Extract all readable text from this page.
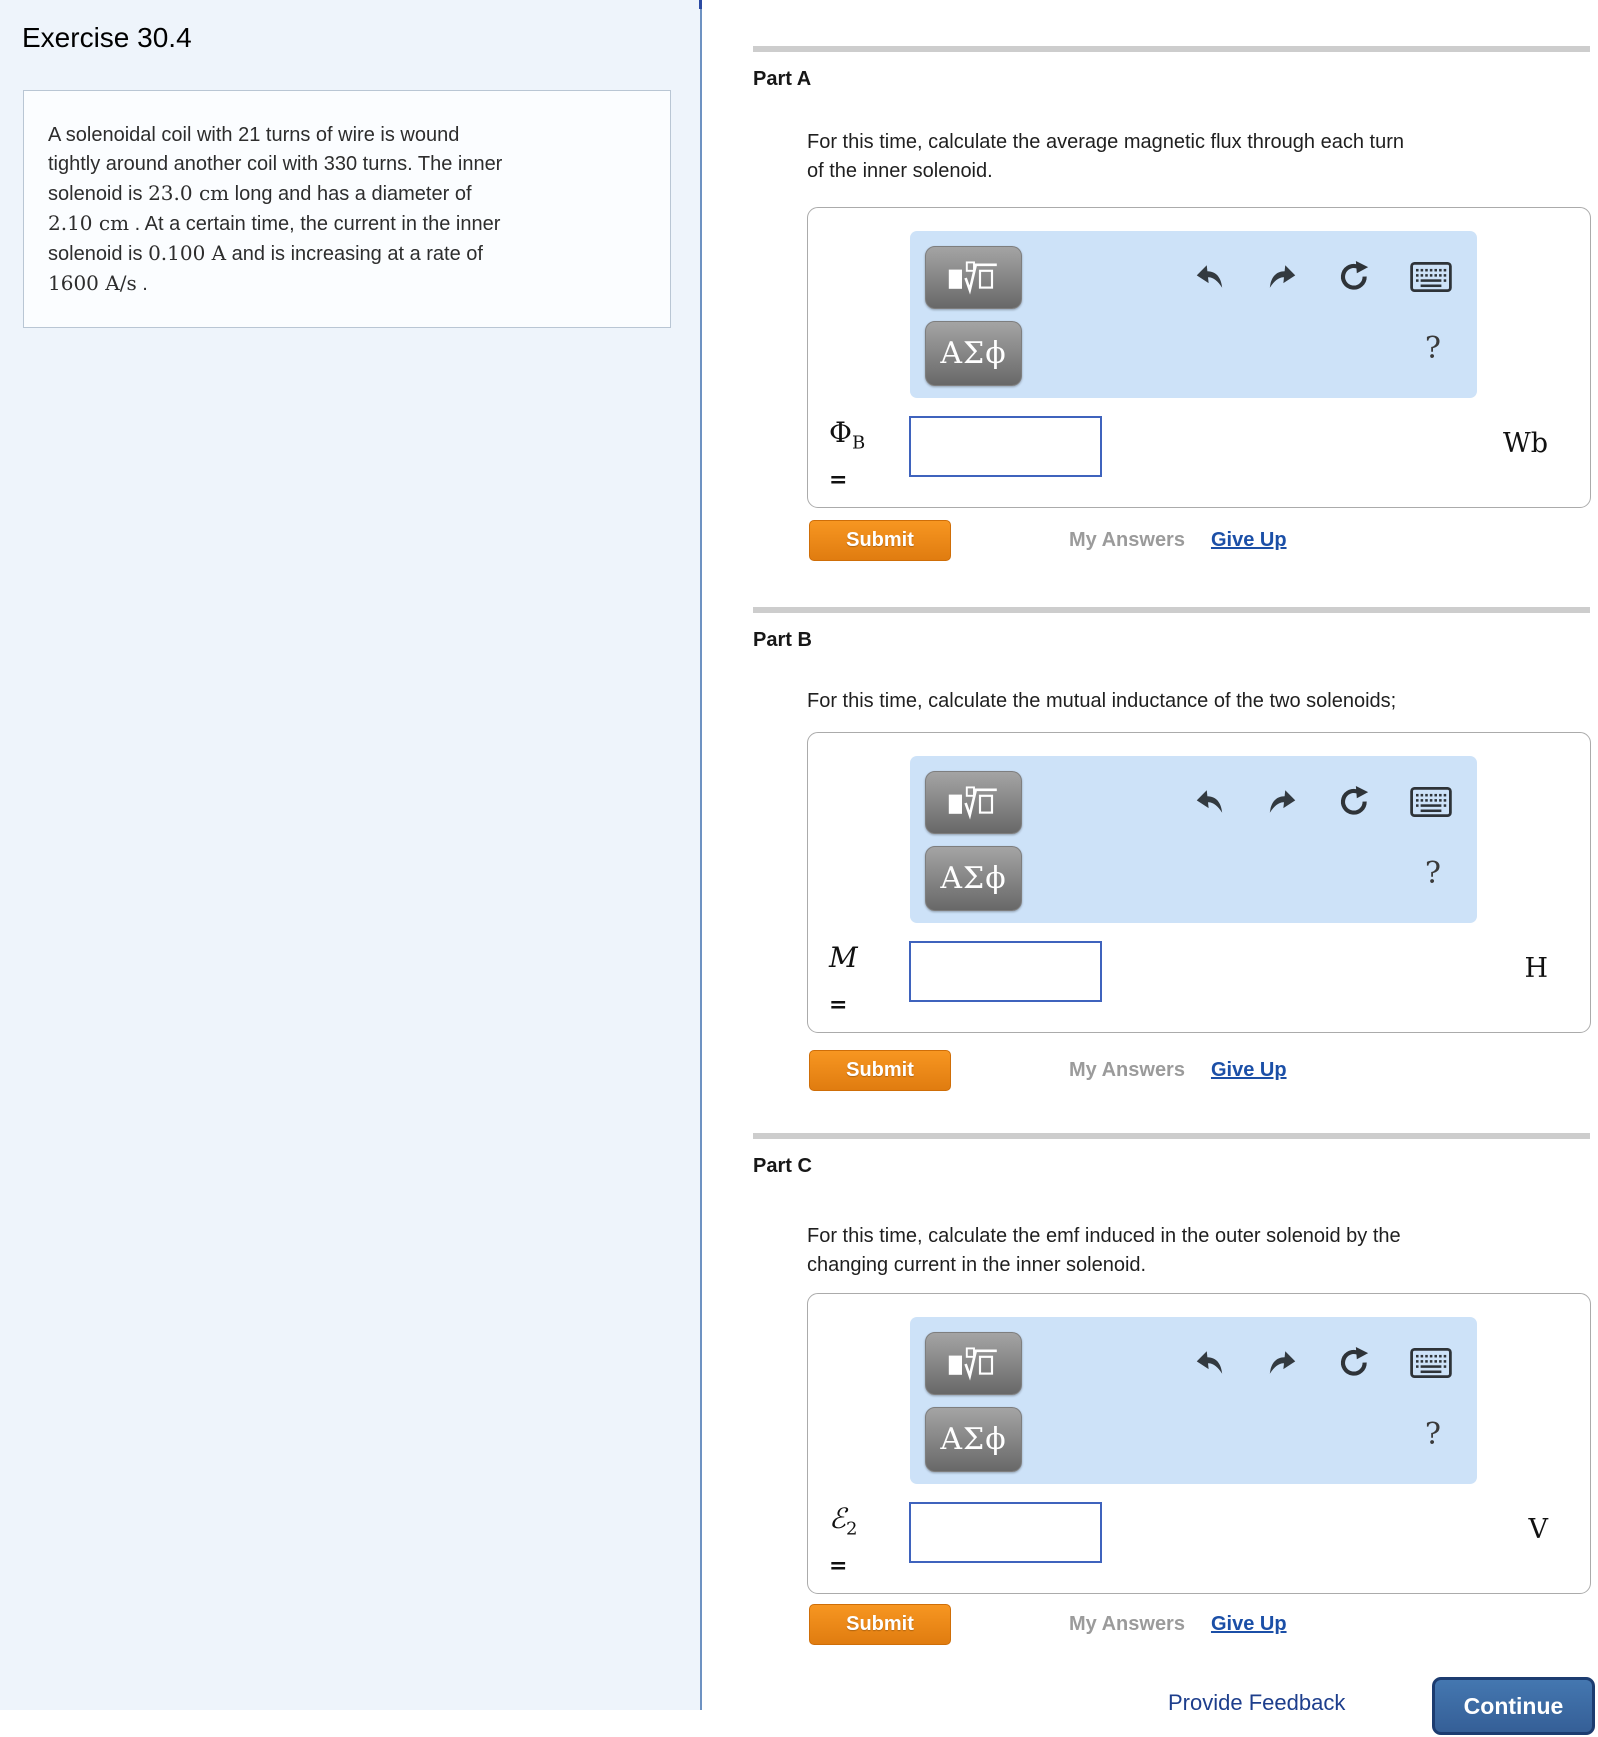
Exercise 30.4
A solenoidal coil with 21 turns of wire is wound
tightly around another coil with 330 turns. The inner
solenoid is 23.0 cm long and has a diameter of
2.10 cm . At a certain time, the current in the inner
solenoid is 0.100 A and is increasing at a rate of
1600 A/s .
Part A
For this time, calculate the average magnetic flux through each turn
of the inner solenoid.
ΑΣϕ	?
$\Phi_B$
=
Wb
Submit	My Answers Give Up
Part B
For this time, calculate the mutual inductance of the two solenoids;
ΑΣϕ	?
M
=
H
Submit	My Answers Give Up
Part C
For this time, calculate the emf induced in the outer solenoid by the
changing current in the inner solenoid.
ΑΣϕ	?
ℰ$_2$
=
V
Submit	My Answers Give Up
Provide Feedback	Continue
